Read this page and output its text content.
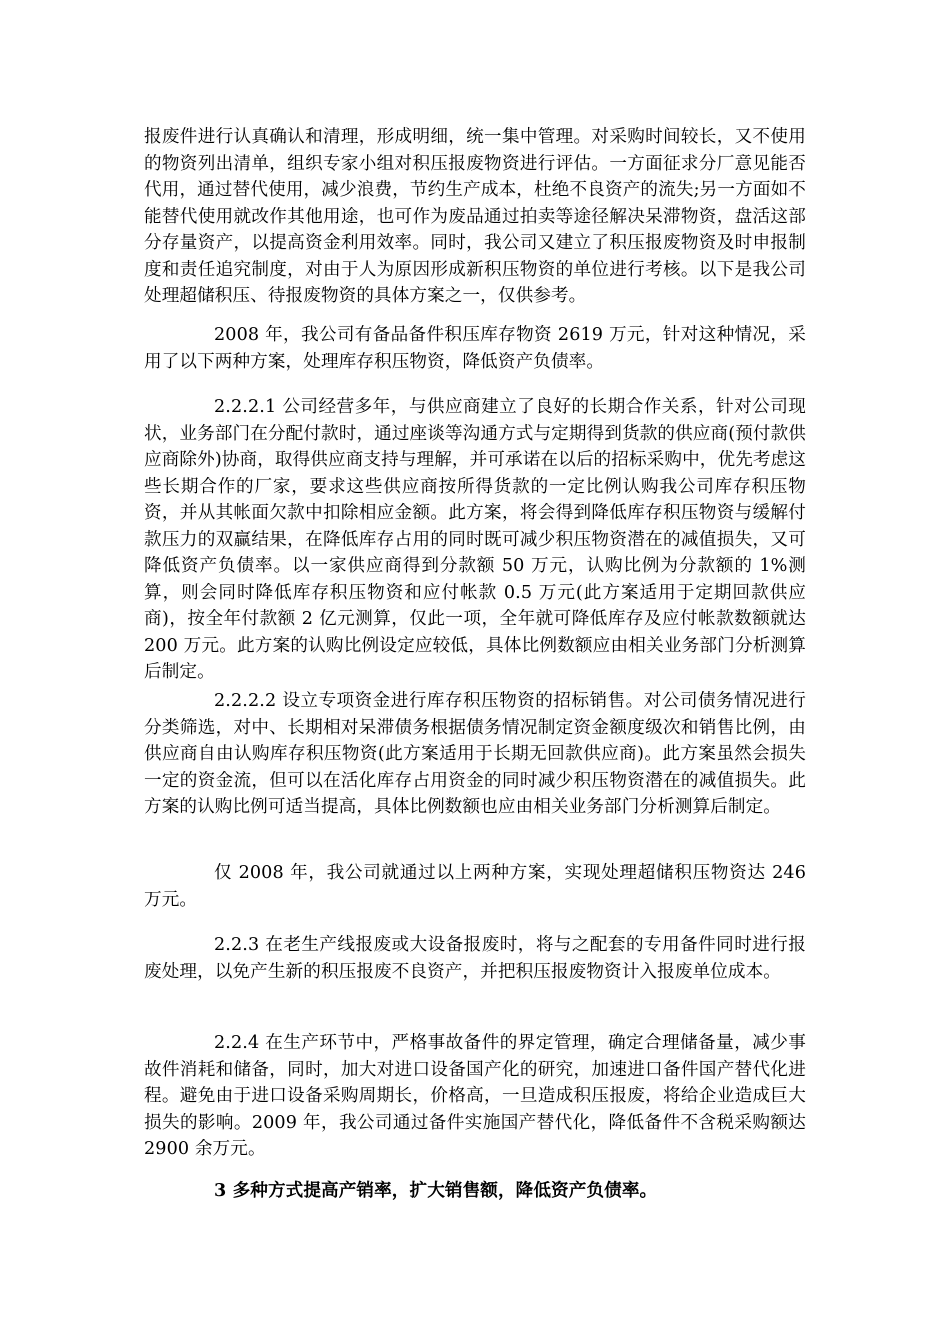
报废件进行认真确认和清理，形成明细，统一集中管理。对采购时间较长，又不使用的物资列出清单，组织专家小组对积压报废物资进行评估。一方面征求分厂意见能否代用，通过替代使用，减少浪费，节约生产成本，杜绝不良资产的流失;另一方面如不能替代使用就改作其他用途，也可作为废品通过拍卖等途径解决呆滞物资，盘活这部分存量资产，以提高资金利用效率。同时，我公司又建立了积压报废物资及时申报制度和责任追究制度，对由于人为原因形成新积压物资的单位进行考核。以下是我公司处理超储积压、待报废物资的具体方案之一，仅供参考。

2008 年，我公司有备品备件积压库存物资 2619 万元，针对这种情况，采用了以下两种方案，处理库存积压物资，降低资产负债率。

2.2.2.1 公司经营多年，与供应商建立了良好的长期合作关系，针对公司现状，业务部门在分配付款时，通过座谈等沟通方式与定期得到货款的供应商(预付款供应商除外)协商，取得供应商支持与理解，并可承诺在以后的招标采购中，优先考虑这些长期合作的厂家，要求这些供应商按所得货款的一定比例认购我公司库存积压物资，并从其帐面欠款中扣除相应金额。此方案，将会得到降低库存积压物资与缓解付款压力的双赢结果，在降低库存占用的同时既可减少积压物资潜在的减值损失，又可降低资产负债率。以一家供应商得到分款额 50 万元，认购比例为分款额的 1%测算，则会同时降低库存积压物资和应付帐款 0.5 万元(此方案适用于定期回款供应商)，按全年付款额 2 亿元测算，仅此一项，全年就可降低库存及应付帐款数额就达 200 万元。此方案的认购比例设定应较低，具体比例数额应由相关业务部门分析测算后制定。

2.2.2.2 设立专项资金进行库存积压物资的招标销售。对公司债务情况进行分类筛选，对中、长期相对呆滞债务根据债务情况制定资金额度级次和销售比例，由供应商自由认购库存积压物资(此方案适用于长期无回款供应商)。此方案虽然会损失一定的资金流，但可以在活化库存占用资金的同时减少积压物资潜在的减值损失。此方案的认购比例可适当提高，具体比例数额也应由相关业务部门分析测算后制定。

仅 2008 年，我公司就通过以上两种方案，实现处理超储积压物资达 246 万元。

2.2.3 在老生产线报废或大设备报废时，将与之配套的专用备件同时进行报废处理，以免产生新的积压报废不良资产，并把积压报废物资计入报废单位成本。

2.2.4 在生产环节中，严格事故备件的界定管理，确定合理储备量，减少事故件消耗和储备，同时，加大对进口设备国产化的研究，加速进口备件国产替代化进程。避免由于进口设备采购周期长，价格高，一旦造成积压报废，将给企业造成巨大损失的影响。2009 年，我公司通过备件实施国产替代化，降低备件不含税采购额达 2900 余万元。

3 多种方式提高产销率，扩大销售额，降低资产负债率。
